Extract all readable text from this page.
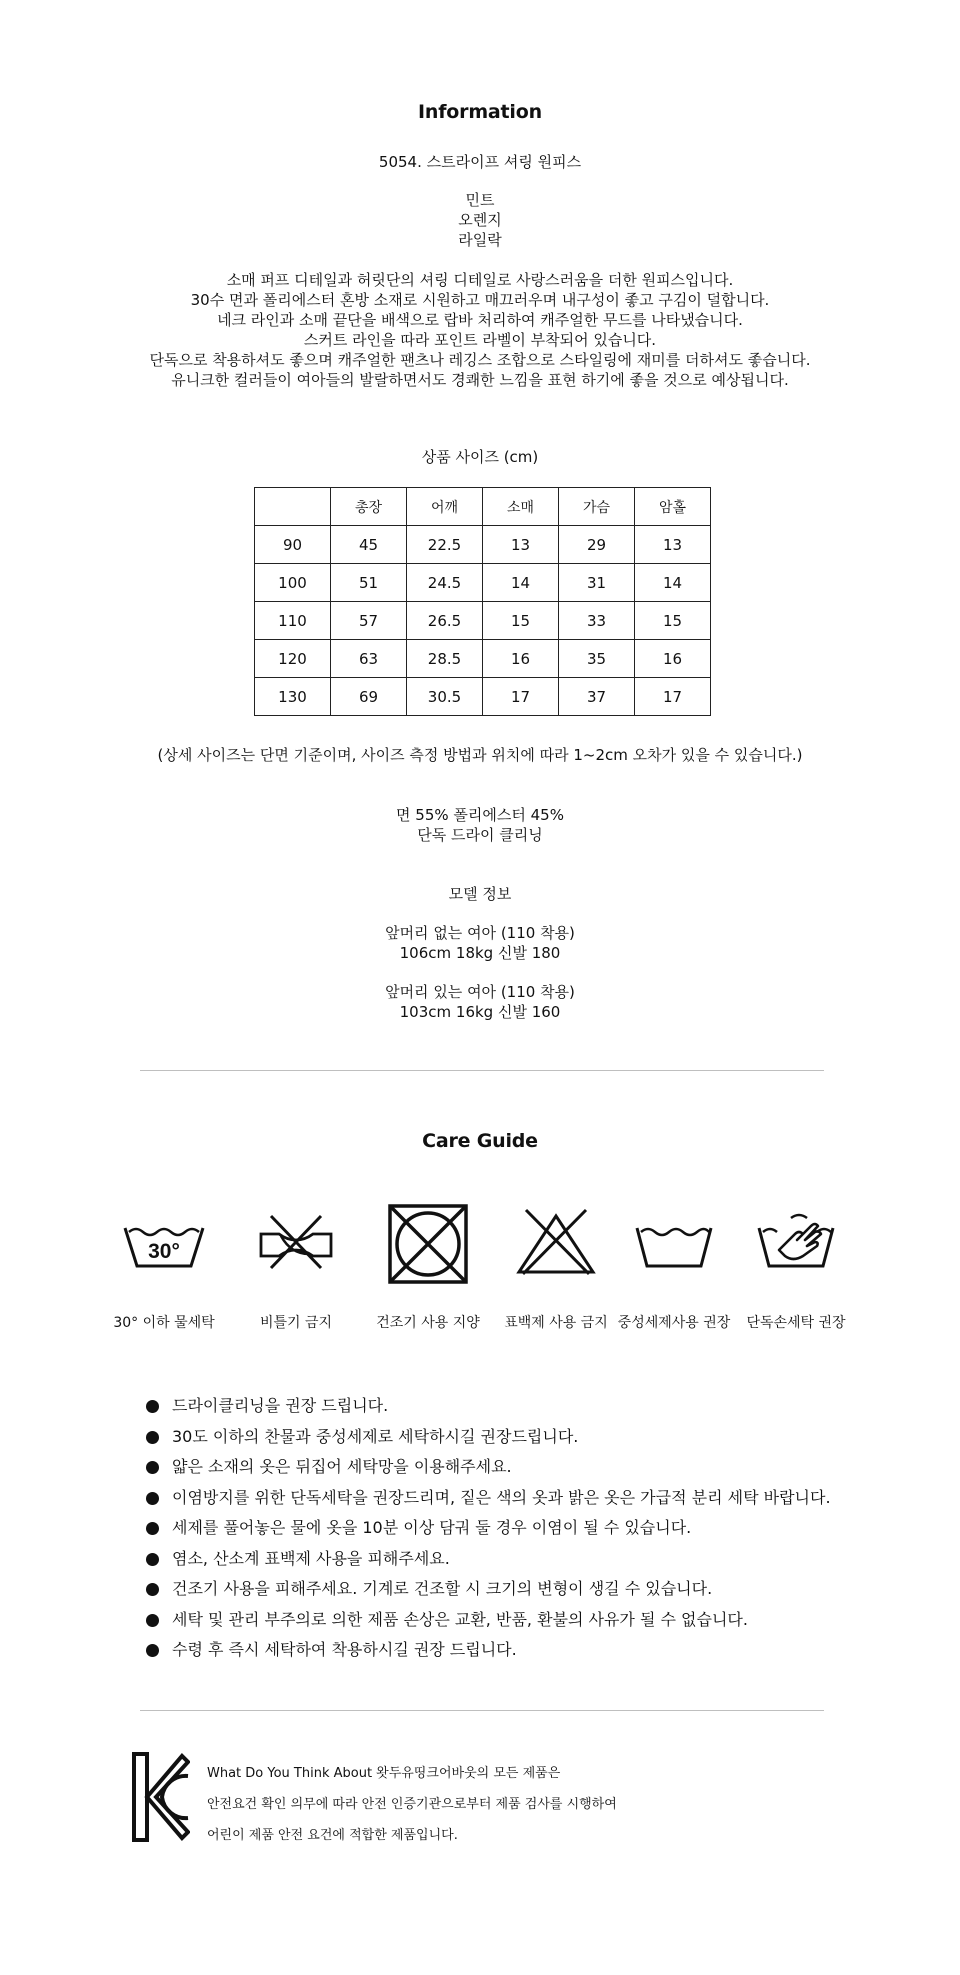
Information
5054. 스트라이프 셔링 원피스
민트
오렌지
라일락
소매 퍼프 디테일과 허릿단의 셔링 디테일로 사랑스러움을 더한 원피스입니다.
30수 면과 폴리에스터 혼방 소재로 시원하고 매끄러우며 내구성이 좋고 구김이 덜합니다.
네크 라인과 소매 끝단을 배색으로 랍바 처리하여 캐주얼한 무드를 나타냈습니다.
스커트 라인을 따라 포인트 라벨이 부착되어 있습니다.
단독으로 착용하셔도 좋으며 캐주얼한 팬츠나 레깅스 조합으로 스타일링에 재미를 더하셔도 좋습니다.
유니크한 컬러들이 여아들의 발랄하면서도 경쾌한 느낌을 표현 하기에 좋을 것으로 예상됩니다.
상품 사이즈 (cm)
	총장	어깨	소매	가슴	암홀
90	45	22.5	13	29	13
100	51	24.5	14	31	14
110	57	26.5	15	33	15
120	63	28.5	16	35	16
130	69	30.5	17	37	17
(상세 사이즈는 단면 기준이며, 사이즈 측정 방법과 위치에 따라 1~2cm 오차가 있을 수 있습니다.)
면 55% 폴리에스터 45%
단독 드라이 클리닝
모델 정보
앞머리 없는 여아 (110 착용)
106cm 18kg 신발 180
앞머리 있는 여아 (110 착용)
103cm 16kg 신발 160
Care Guide
30°
30° 이하 물세탁	비틀기 금지	건조기 사용 지양	표백제 사용 금지 중성세제사용 권장	단독손세탁 권장
드라이클리닝을 권장 드립니다.
30도 이하의 찬물과 중성세제로 세탁하시길 권장드립니다.
얇은 소재의 옷은 뒤집어 세탁망을 이용해주세요.
이염방지를 위한 단독세탁을 권장드리며, 짙은 색의 옷과 밝은 옷은 가급적 분리 세탁 바랍니다.
세제를 풀어놓은 물에 옷을 10분 이상 담궈 둘 경우 이염이 될 수 있습니다.
염소, 산소계 표백제 사용을 피해주세요.
건조기 사용을 피해주세요. 기계로 건조할 시 크기의 변형이 생길 수 있습니다.
세탁 및 관리 부주의로 의한 제품 손상은 교환, 반품, 환불의 사유가 될 수 없습니다.
수령 후 즉시 세탁하여 착용하시길 권장 드립니다.
What Do You Think About 왓두유띵크어바웃의 모든 제품은
안전요건 확인 의무에 따라 안전 인증기관으로부터 제품 검사를 시행하여
어린이 제품 안전 요건에 적합한 제품입니다.
